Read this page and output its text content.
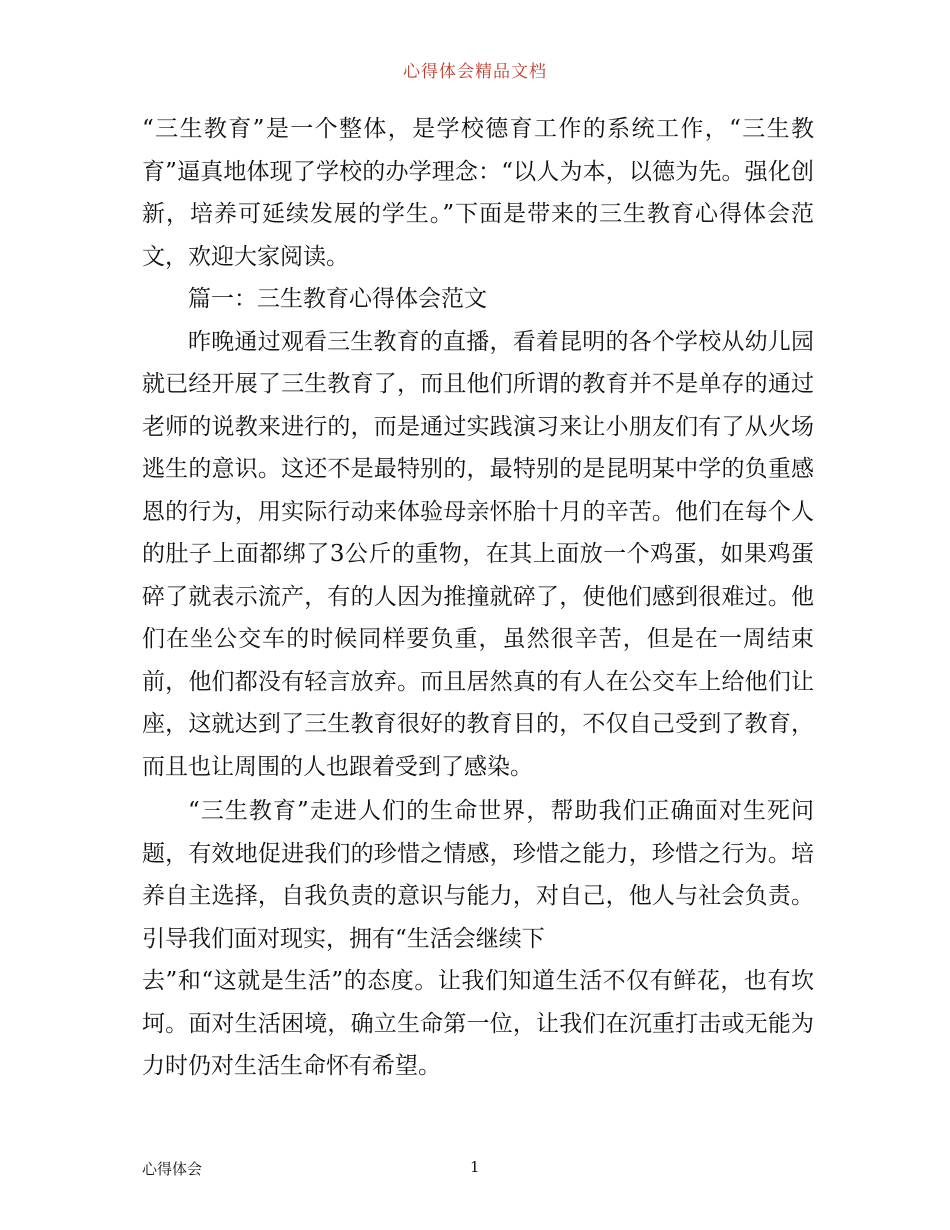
心得体会精品文档

“三生教育”是一个整体，是学校德育工作的系统工作，“三生教育”逼真地体现了学校的办学理念：“以人为本，以德为先。强化创新，培养可延续发展的学生。”下面是带来的三生教育心得体会范文，欢迎大家阅读。

篇一：三生教育心得体会范文

昨晚通过观看三生教育的直播，看着昆明的各个学校从幼儿园就已经开展了三生教育了，而且他们所谓的教育并不是单存的通过老师的说教来进行的，而是通过实践演习来让小朋友们有了从火场逃生的意识。这还不是最特别的，最特别的是昆明某中学的负重感恩的行为，用实际行动来体验母亲怀胎十月的辛苦。他们在每个人的肚子上面都绑了3公斤的重物，在其上面放一个鸡蛋，如果鸡蛋碎了就表示流产，有的人因为推撞就碎了，使他们感到很难过。他们在坐公交车的时候同样要负重，虽然很辛苦，但是在一周结束前，他们都没有轻言放弃。而且居然真的有人在公交车上给他们让座，这就达到了三生教育很好的教育目的，不仅自己受到了教育，而且也让周围的人也跟着受到了感染。

“三生教育”走进人们的生命世界，帮助我们正确面对生死问题，有效地促进我们的珍惜之情感，珍惜之能力，珍惜之行为。培养自主选择，自我负责的意识与能力，对自己，他人与社会负责。引导我们面对现实，拥有“生活会继续下

去”和“这就是生活”的态度。让我们知道生活不仅有鲜花，也有坎坷。面对生活困境，确立生命第一位，让我们在沉重打击或无能为力时仍对生活生命怀有希望。

心得体会	1
